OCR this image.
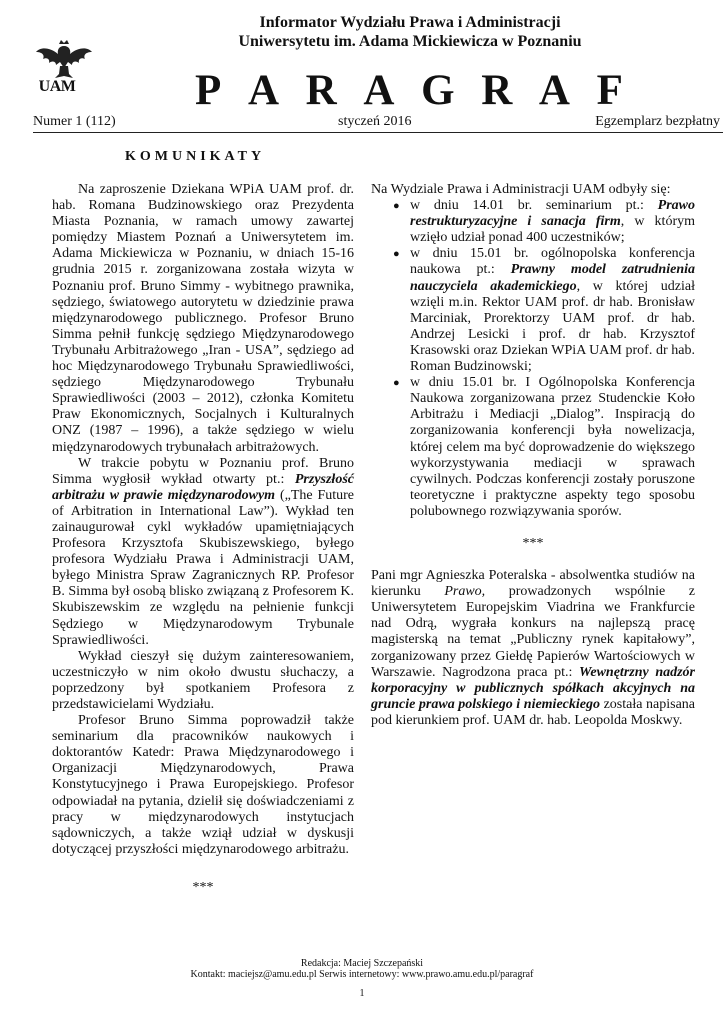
UAM
Informator Wydziału Prawa i Administracji
Uniwersytetu im. Adama Mickiewicza w Poznaniu
P A R A G R A F
Numer 1 (112)	styczeń 2016	Egzemplarz bezpłatny
KOMUNIKATY

Na zaproszenie Dziekana WPiA UAM prof. dr. hab. Romana Budzinowskiego oraz Prezydenta Miasta Poznania, w ramach umowy zawartej pomiędzy Miastem Poznań a Uniwersytetem im. Adama Mickiewicza w Poznaniu, w dniach 15-16 grudnia 2015 r. zorganizowana została wizyta w Poznaniu prof. Bruno Simmy - wybitnego prawnika, sędziego, światowego autorytetu w dziedzinie prawa międzynarodowego publicznego. Profesor Bruno Simma pełnił funkcję sędziego Międzynarodowego Trybunału Arbitrażowego „Iran - USA”, sędziego ad hoc Międzynarodowego Trybunału Sprawiedliwości, sędziego Międzynarodowego Trybunału Sprawiedliwości (2003 – 2012), członka Komitetu Praw Ekonomicznych, Socjalnych i Kulturalnych ONZ (1987 – 1996), a także sędziego w wielu międzynarodowych trybunałach arbitrażowych.

W trakcie pobytu w Poznaniu prof. Bruno Simma wygłosił wykład otwarty pt.: Przyszłość arbitrażu w prawie międzynarodowym („The Future of Arbitration in International Law”). Wykład ten zainaugurował cykl wykładów upamiętniających Profesora Krzysztofa Skubiszewskiego, byłego profesora Wydziału Prawa i Administracji UAM, byłego Ministra Spraw Zagranicznych RP. Profesor B. Simma był osobą blisko związaną z Profesorem K. Skubiszewskim ze względu na pełnienie funkcji Sędziego w Międzynarodowym Trybunale Sprawiedliwości.

Wykład cieszył się dużym zainteresowaniem, uczestniczyło w nim około dwustu słuchaczy, a poprzedzony był spotkaniem Profesora z przedstawicielami Wydziału.

Profesor Bruno Simma poprowadził także seminarium dla pracowników naukowych i doktorantów Katedr: Prawa Międzynarodowego i Organizacji Międzynarodowych, Prawa Konstytucyjnego i Prawa Europejskiego. Profesor odpowiadał na pytania, dzielił się doświadczeniami z pracy w międzynarodowych instytucjach sądowniczych, a także wziął udział w dyskusji dotyczącej przyszłości międzynarodowego arbitrażu.

***

Na Wydziale Prawa i Administracji UAM odbyły się:

● w dniu 14.01 br. seminarium pt.: Prawo restrukturyzacyjne i sanacja firm, w którym wzięło udział ponad 400 uczestników;
● w dniu 15.01 br. ogólnopolska konferencja naukowa pt.: Prawny model zatrudnienia nauczyciela akademickiego, w której udział wzięli m.in. Rektor UAM prof. dr hab. Bronisław Marciniak, Prorektorzy UAM prof. dr hab. Andrzej Lesicki i prof. dr hab. Krzysztof Krasowski oraz Dziekan WPiA UAM prof. dr hab. Roman Budzinowski;
● w dniu 15.01 br. I Ogólnopolska Konferencja Naukowa zorganizowana przez Studenckie Koło Arbitrażu i Mediacji „Dialog”. Inspiracją do zorganizowania konferencji była nowelizacja, której celem ma być doprowadzenie do większego wykorzystywania mediacji w sprawach cywilnych. Podczas konferencji zostały poruszone teoretyczne i praktyczne aspekty tego sposobu polubownego rozwiązywania sporów.

***

Pani mgr Agnieszka Poteralska - absolwentka studiów na kierunku Prawo, prowadzonych wspólnie z Uniwersytetem Europejskim Viadrina we Frankfurcie nad Odrą, wygrała konkurs na najlepszą pracę magisterską na temat „Publiczny rynek kapitałowy”, zorganizowany przez Giełdę Papierów Wartościowych w Warszawie. Nagrodzona praca pt.: Wewnętrzny nadzór korporacyjny w publicznych spółkach akcyjnych na gruncie prawa polskiego i niemieckiego została napisana pod kierunkiem prof. UAM dr. hab. Leopolda Moskwy.

Redakcja: Maciej Szczepański
Kontakt: maciejsz@amu.edu.pl Serwis internetowy: www.prawo.amu.edu.pl/paragraf
1
